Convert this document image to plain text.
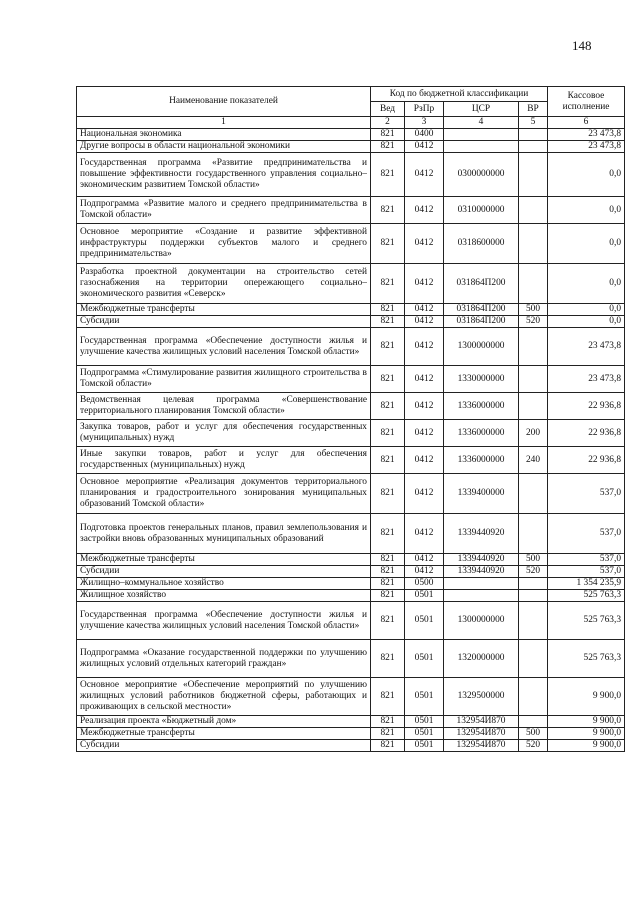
148
Наименование показателей	Код по бюджетной классификации				Кассовое исполнение
	Вед	РзПр	ЦСР	ВР	
1	2	3	4	5	6
Национальная экономика	821	0400			23 473,8
Другие вопросы в области национальной экономики	821	0412			23 473,8
Государственная программа «Развитие предпринимательства и повышение эффективности государственного управления социально–экономическим развитием Томской области»	821	0412	0300000000		0,0
Подпрограмма «Развитие малого и среднего предпринимательства в Томской области»	821	0412	0310000000		0,0
Основное мероприятие «Создание и развитие эффективной инфраструктуры поддержки субъектов малого и среднего предпринимательства»	821	0412	0318600000		0,0
Разработка проектной документации на строительство сетей газоснабжения на территории опережающего социально–экономического развития «Северск»	821	0412	031864П200		0,0
Межбюджетные трансферты	821	0412	031864П200	500	0,0
Субсидии	821	0412	031864П200	520	0,0
Государственная программа «Обеспечение доступности жилья и улучшение качества жилищных условий населения Томской области»	821	0412	1300000000		23 473,8
Подпрограмма «Стимулирование развития жилищного строительства в Томской области»	821	0412	1330000000		23 473,8
Ведомственная целевая программа «Совершенствование территориального планирования Томской области»	821	0412	1336000000		22 936,8
Закупка товаров, работ и услуг для обеспечения государственных (муниципальных) нужд	821	0412	1336000000	200	22 936,8
Иные закупки товаров, работ и услуг для обеспечения государственных (муниципальных) нужд	821	0412	1336000000	240	22 936,8
Основное мероприятие «Реализация документов территориального планирования и градостроительного зонирования муниципальных образований Томской области»	821	0412	1339400000		537,0
Подготовка проектов генеральных планов, правил землепользования и застройки вновь образованных муниципальных образований	821	0412	1339440920		537,0
Межбюджетные трансферты	821	0412	1339440920	500	537,0
Субсидии	821	0412	1339440920	520	537,0
Жилищно–коммунальное хозяйство	821	0500			1 354 235,9
Жилищное хозяйство	821	0501			525 763,3
Государственная программа «Обеспечение доступности жилья и улучшение качества жилищных условий населения Томской области»	821	0501	1300000000		525 763,3
Подпрограмма «Оказание государственной поддержки по улучшению жилищных условий отдельных категорий граждан»	821	0501	1320000000		525 763,3
Основное мероприятие «Обеспечение мероприятий по улучшению жилищных условий работников бюджетной сферы, работающих и проживающих в сельской местности»	821	0501	1329500000		9 900,0
Реализация проекта «Бюджетный дом»	821	0501	132954И870		9 900,0
Межбюджетные трансферты	821	0501	132954И870	500	9 900,0
Субсидии	821	0501	132954И870	520	9 900,0
